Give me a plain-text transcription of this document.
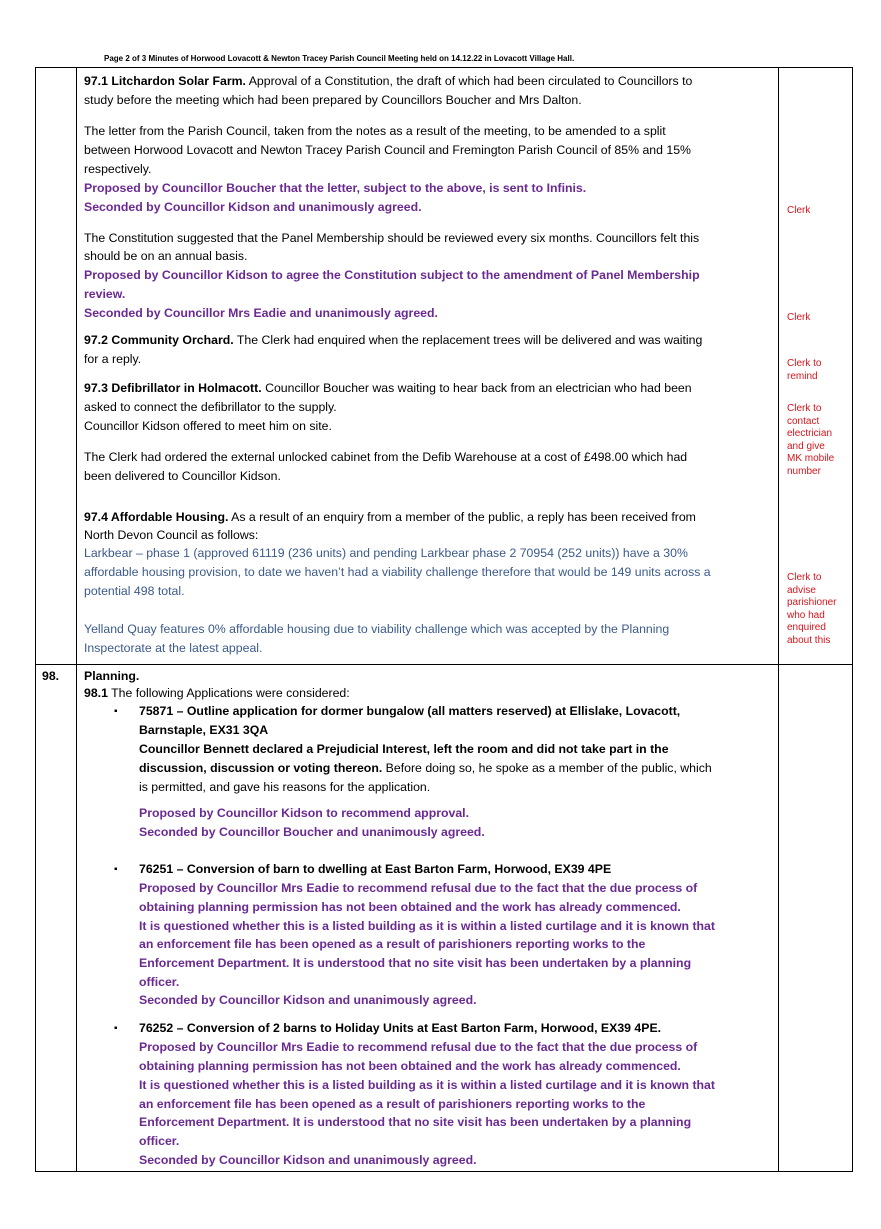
Page 2 of 3 Minutes of Horwood Lovacott & Newton Tracey Parish Council Meeting held on 14.12.22 in Lovacott Village Hall.
97.1 Litchardon Solar Farm. Approval of a Constitution, the draft of which had been circulated to Councillors to
study before the meeting which had been prepared by Councillors Boucher and Mrs Dalton.
The letter from the Parish Council, taken from the notes as a result of the meeting, to be amended to a split
between Horwood Lovacott and Newton Tracey Parish Council and Fremington Parish Council of 85% and 15%
respectively.
Proposed by Councillor Boucher that the letter, subject to the above, is sent to Infinis.
Seconded by Councillor Kidson and unanimously agreed.
The Constitution suggested that the Panel Membership should be reviewed every six months. Councillors felt this
should be on an annual basis.
Proposed by Councillor Kidson to agree the Constitution subject to the amendment of Panel Membership
review.
Seconded by Councillor Mrs Eadie and unanimously agreed.
97.2 Community Orchard. The Clerk had enquired when the replacement trees will be delivered and was waiting
for a reply.
97.3 Defibrillator in Holmacott. Councillor Boucher was waiting to hear back from an electrician who had been
asked to connect the defibrillator to the supply.
Councillor Kidson offered to meet him on site.
The Clerk had ordered the external unlocked cabinet from the Defib Warehouse at a cost of £498.00 which had
been delivered to Councillor Kidson.
97.4 Affordable Housing. As a result of an enquiry from a member of the public, a reply has been received from
North Devon Council as follows:
Larkbear – phase 1 (approved 61119 (236 units) and pending Larkbear phase 2 70954 (252 units)) have a 30%
affordable housing provision, to date we haven’t had a viability challenge therefore that would be 149 units across a
potential 498 total.
Yelland Quay features 0% affordable housing due to viability challenge which was accepted by the Planning
Inspectorate at the latest appeal.
Clerk
Clerk
Clerk to
remind
Clerk to
contact
electrician
and give
MK mobile
number
Clerk to
advise
parishioner
who had
enquired
about this
98. Planning.
98.1 The following Applications were considered:
▪ 75871 – Outline application for dormer bungalow (all matters reserved) at Ellislake, Lovacott,
Barnstaple, EX31 3QA
Councillor Bennett declared a Prejudicial Interest, left the room and did not take part in the
discussion, discussion or voting thereon. Before doing so, he spoke as a member of the public, which
is permitted, and gave his reasons for the application.
Proposed by Councillor Kidson to recommend approval.
Seconded by Councillor Boucher and unanimously agreed.
▪ 76251 – Conversion of barn to dwelling at East Barton Farm, Horwood, EX39 4PE
Proposed by Councillor Mrs Eadie to recommend refusal due to the fact that the due process of
obtaining planning permission has not been obtained and the work has already commenced.
It is questioned whether this is a listed building as it is within a listed curtilage and it is known that
an enforcement file has been opened as a result of parishioners reporting works to the
Enforcement Department. It is understood that no site visit has been undertaken by a planning
officer.
Seconded by Councillor Kidson and unanimously agreed.
▪ 76252 – Conversion of 2 barns to Holiday Units at East Barton Farm, Horwood, EX39 4PE.
Proposed by Councillor Mrs Eadie to recommend refusal due to the fact that the due process of
obtaining planning permission has not been obtained and the work has already commenced.
It is questioned whether this is a listed building as it is within a listed curtilage and it is known that
an enforcement file has been opened as a result of parishioners reporting works to the
Enforcement Department. It is understood that no site visit has been undertaken by a planning
officer.
Seconded by Councillor Kidson and unanimously agreed.
